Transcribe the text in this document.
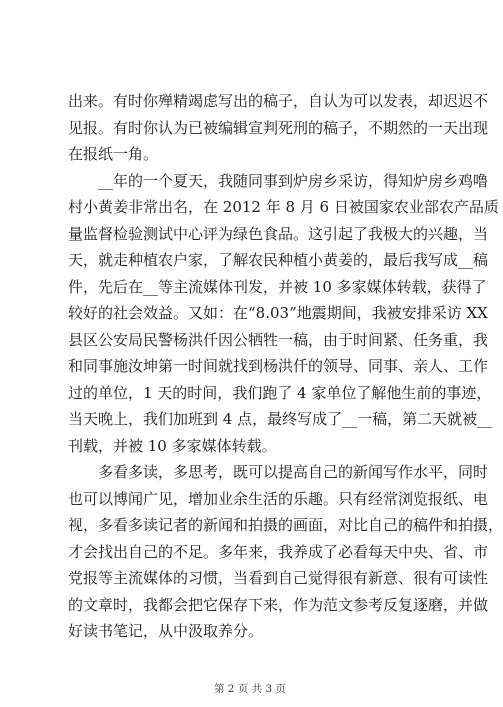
出来。有时你殚精竭虑写出的稿子，自认为可以发表，却迟迟不
见报。有时你认为已被编辑宣判死刑的稿子，不期然的一天出现
在报纸一角。
__年的一个夏天，我随同事到炉房乡采访，得知炉房乡鸡噜
村小黄姜非常出名，在 2012 年 8 月 6 日被国家农业部农产品质
量监督检验测试中心评为绿色食品。这引起了我极大的兴趣，当
天，就走种植农户家，了解农民种植小黄姜的，最后我写成__稿
件，先后在__等主流媒体刊发，并被 10 多家媒体转载，获得了
较好的社会效益。又如：在“8.03”地震期间，我被安排采访 XX
县区公安局民警杨洪仟因公牺牲一稿，由于时间紧、任务重，我
和同事施汝坤第一时间就找到杨洪仟的领导、同事、亲人、工作
过的单位，1 天的时间，我们跑了 4 家单位了解他生前的事迹，
当天晚上，我们加班到 4 点，最终写成了__一稿，第二天就被__
刊载，并被 10 多家媒体转载。
多看多读，多思考，既可以提高自己的新闻写作水平，同时
也可以博闻广见，增加业余生活的乐趣。只有经常浏览报纸、电
视，多看多读记者的新闻和拍摄的画面，对比自己的稿件和拍摄，
才会找出自己的不足。多年来，我养成了必看每天中央、省、市
党报等主流媒体的习惯，当看到自己觉得很有新意、很有可读性
的文章时，我都会把它保存下来，作为范文参考反复逐磨，并做
好读书笔记，从中汲取养分。
第 2 页 共 3 页
